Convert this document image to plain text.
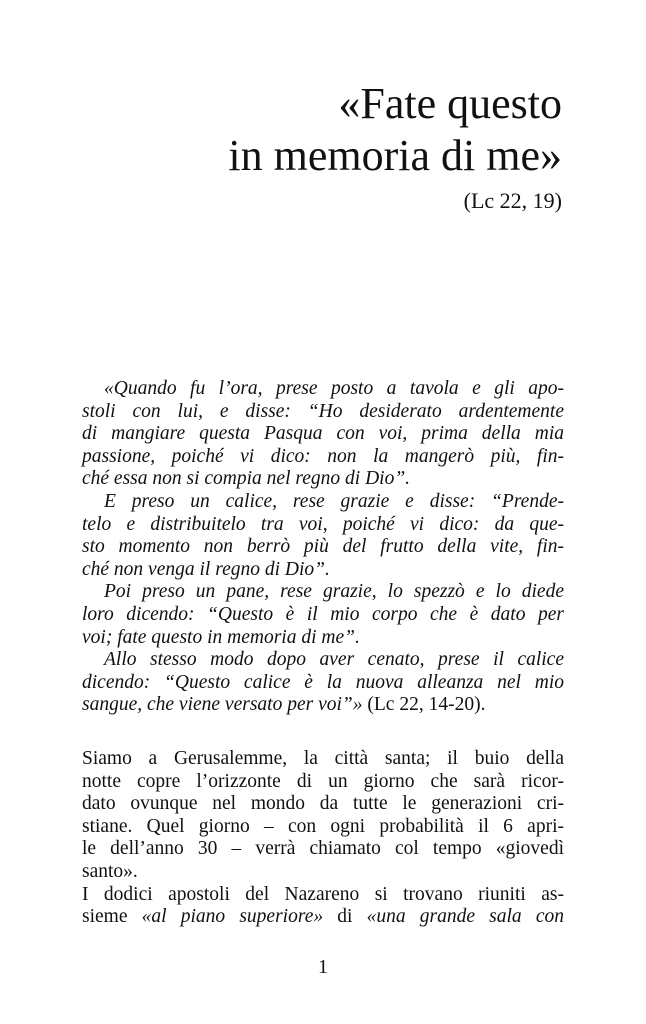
«Fate questo
in memoria di me»
(Lc 22, 19)
«Quando fu l’ora, prese posto a tavola e gli apo-
stoli con lui, e disse: “Ho desiderato ardentemente
di mangiare questa Pasqua con voi, prima della mia
passione, poiché vi dico: non la mangerò più, fin-
ché essa non si compia nel regno di Dio”.
E preso un calice, rese grazie e disse: “Prende-
telo e distribuitelo tra voi, poiché vi dico: da que-
sto momento non berrò più del frutto della vite, fin-
ché non venga il regno di Dio”.
Poi preso un pane, rese grazie, lo spezzò e lo diede
loro dicendo: “Questo è il mio corpo che è dato per
voi; fate questo in memoria di me”.
Allo stesso modo dopo aver cenato, prese il calice
dicendo: “Questo calice è la nuova alleanza nel mio
sangue, che viene versato per voi”» (Lc 22, 14-20).
Siamo a Gerusalemme, la città santa; il buio della
notte copre l’orizzonte di un giorno che sarà ricor-
dato ovunque nel mondo da tutte le generazioni cri-
stiane. Quel giorno – con ogni probabilità il 6 apri-
le dell’anno 30 – verrà chiamato col tempo «giovedì
santo».
I dodici apostoli del Nazareno si trovano riuniti as-
sieme «al piano superiore» di «una grande sala con
1
